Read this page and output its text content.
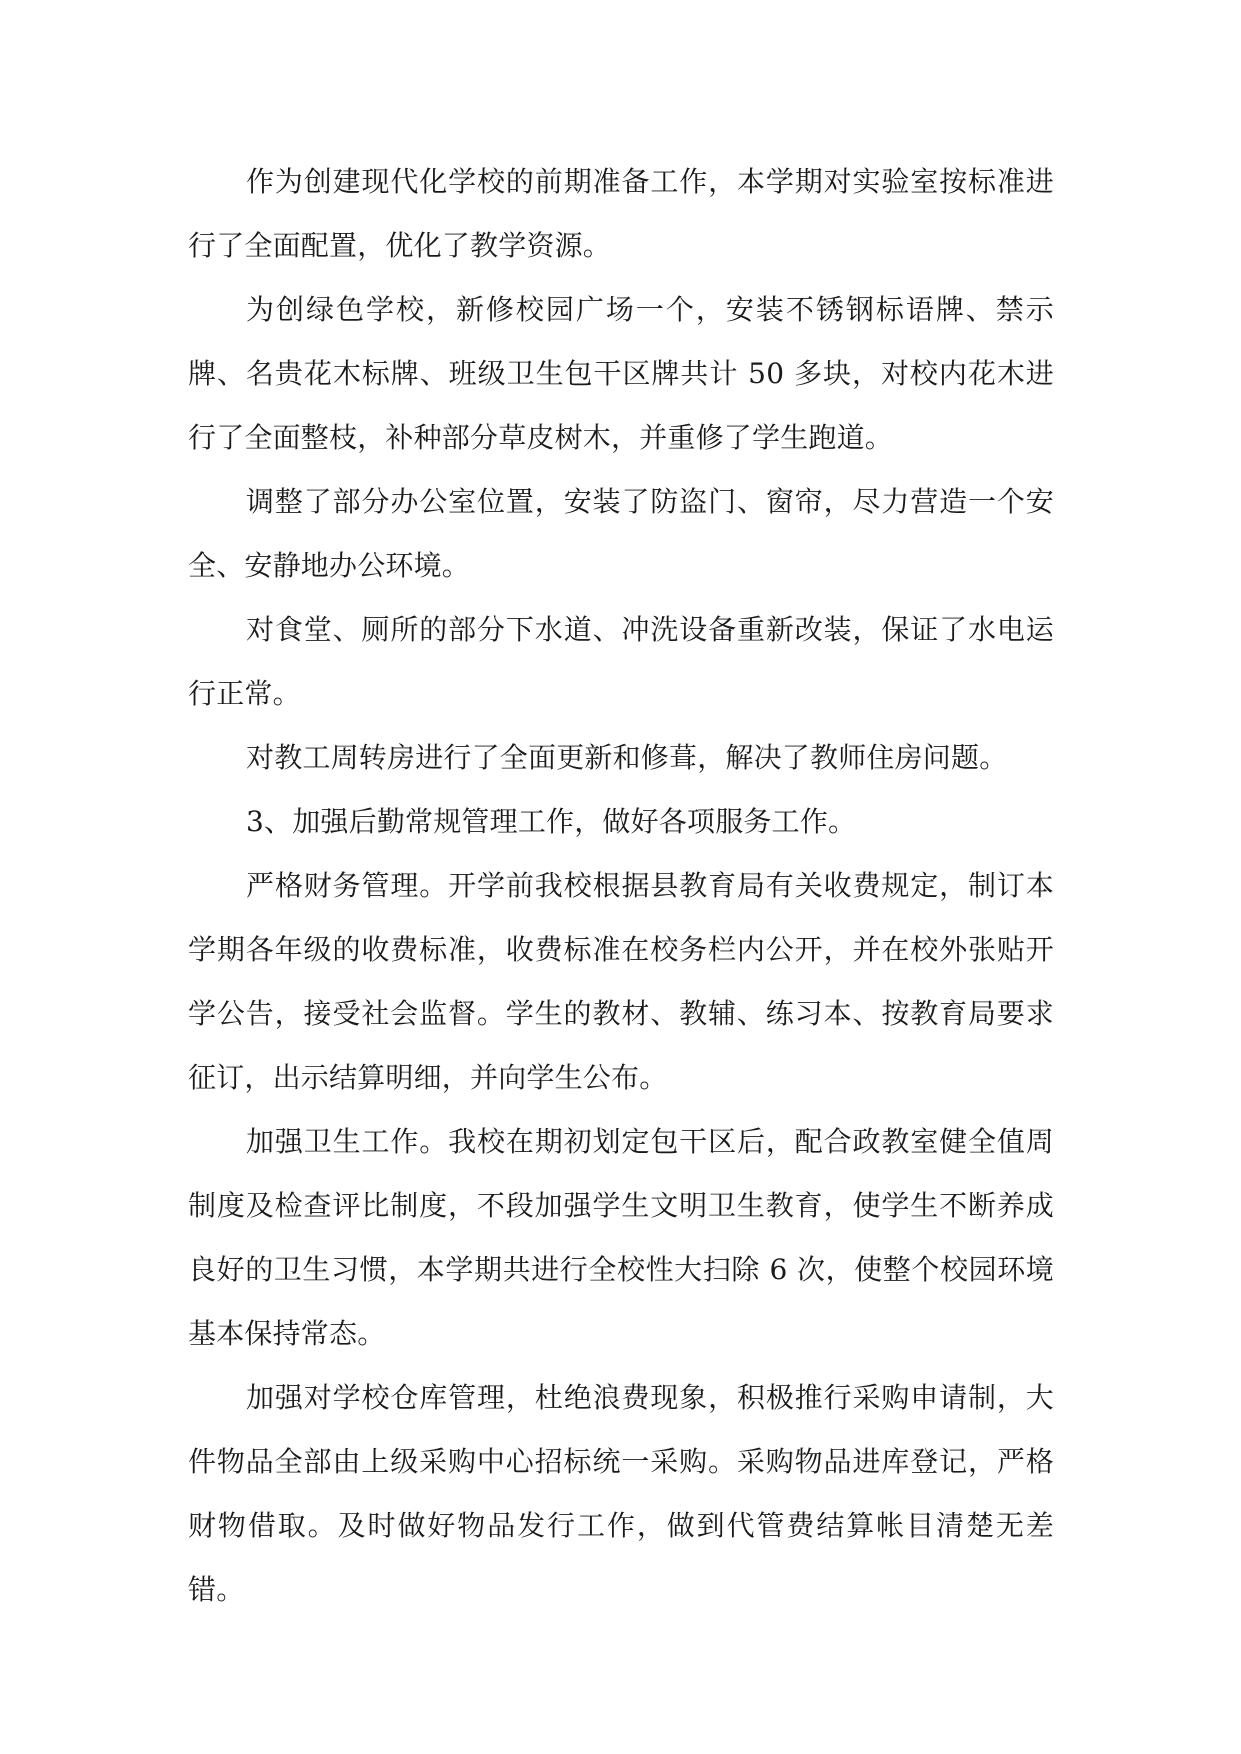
作为创建现代化学校的前期准备工作，本学期对实验室按标准进行了全面配置，优化了教学资源。

为创绿色学校，新修校园广场一个，安装不锈钢标语牌、禁示牌、名贵花木标牌、班级卫生包干区牌共计 50 多块，对校内花木进行了全面整枝，补种部分草皮树木，并重修了学生跑道。

调整了部分办公室位置，安装了防盗门、窗帘，尽力营造一个安全、安静地办公环境。

对食堂、厕所的部分下水道、冲洗设备重新改装，保证了水电运行正常。

对教工周转房进行了全面更新和修葺，解决了教师住房问题。

3、加强后勤常规管理工作，做好各项服务工作。

严格财务管理。开学前我校根据县教育局有关收费规定，制订本学期各年级的收费标准，收费标准在校务栏内公开，并在校外张贴开学公告，接受社会监督。学生的教材、教辅、练习本、按教育局要求征订，出示结算明细，并向学生公布。

加强卫生工作。我校在期初划定包干区后，配合政教室健全值周制度及检查评比制度，不段加强学生文明卫生教育，使学生不断养成良好的卫生习惯，本学期共进行全校性大扫除 6 次，使整个校园环境基本保持常态。

加强对学校仓库管理，杜绝浪费现象，积极推行采购申请制，大件物品全部由上级采购中心招标统一采购。采购物品进库登记，严格财物借取。及时做好物品发行工作，做到代管费结算帐目清楚无差错。
